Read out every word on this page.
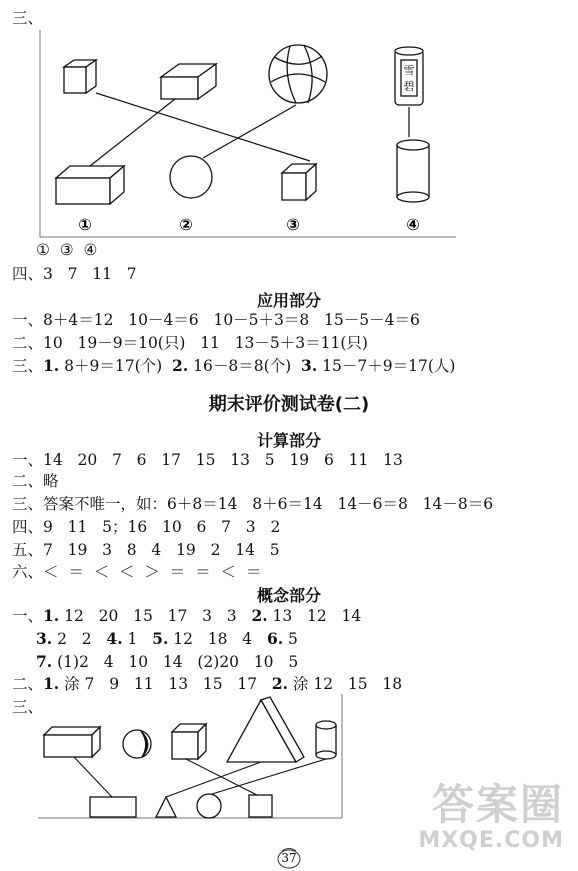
三、
雪
碧
①	②	③	④
①  ③  ④
四、3   7   11   7
应用部分
一、8＋4＝12   10－4＝6   10－5＋3＝8   15－5－4＝6
二、10   19－9＝10(只)   11   13－5＋3＝11(只)
三、1. 8＋9＝17(个)  2. 16－8＝8(个)  3. 15－7＋9＝17(人)
期末评价测试卷(二)
计算部分
一、14   20   7   6   17   15   13   5   19   6   11   13
二、略
三、答案不唯一，如：6＋8＝14   8＋6＝14   14－6＝8   14－8＝6
四、9   11   5；16   10   6   7   3   2
五、7   19   3   8   4   19   2   14   5
六、＜  ＝  ＜  ＜  ＞  ＝  ＝  ＜  ＝
概念部分
一、1. 12   20   15   17   3   3   2. 13   12   14
3. 2   2   4. 1   5. 12   18   4   6. 5
7. (1)2   4   10   14   (2)20   10   5
二、1. 涂 7   9   11   13   15   17   2. 涂 12   15   18
三、
答案圈
MXQE.COM
37
